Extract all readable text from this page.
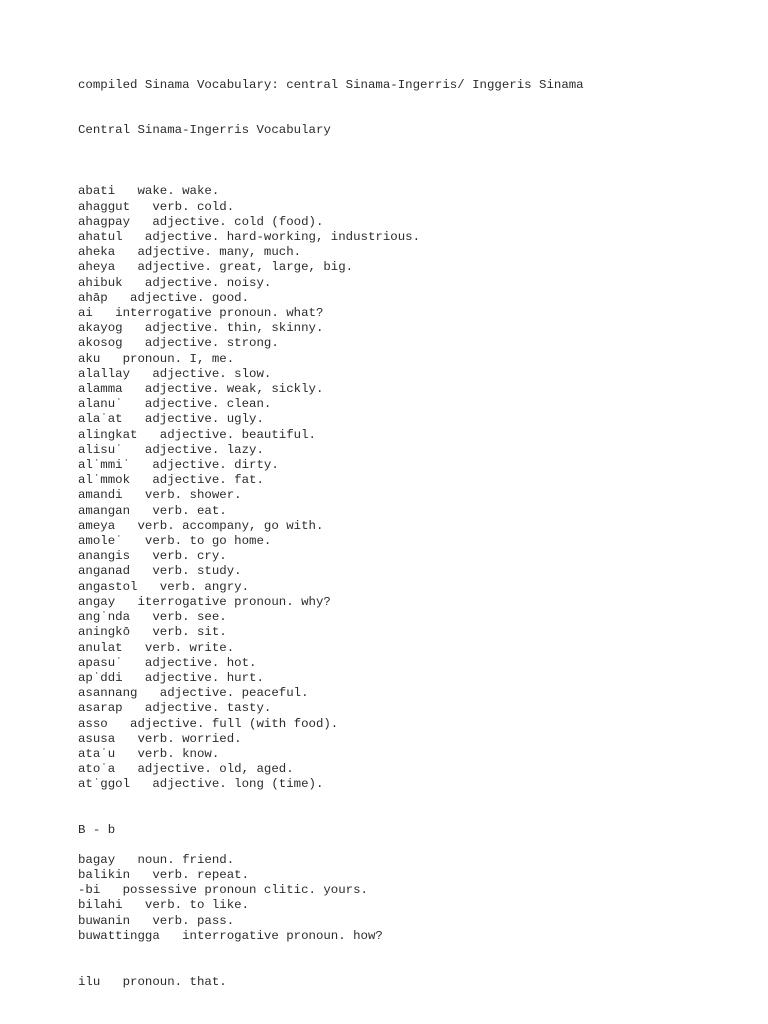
compiled Sinama Vocabulary: central Sinama-Ingerris/ Inggeris Sinama

Central Sinama-Ingerris Vocabulary

abati   wake. wake.

ahaggut   verb. cold.

ahagpay   adjective. cold (food).

ahatul   adjective. hard-working, industrious.

aheka   adjective. many, much.

aheya   adjective. great, large, big.

ahibuk   adjective. noisy.

ahāp   adjective. good.

ai   interrogative pronoun. what?

akayog   adjective. thin, skinny.

akosog   adjective. strong.

aku   pronoun. I, me.

alallay   adjective. slow.

alamma   adjective. weak, sickly.

alanu˙   adjective. clean.

ala˙at   adjective. ugly.

alingkat   adjective. beautiful.

alisu˙   adjective. lazy.

al˙mmi˙   adjective. dirty.

al˙mmok   adjective. fat.

amandi   verb. shower.

amangan   verb. eat.

ameya   verb. accompany, go with.

amole˙   verb. to go home.

anangis   verb. cry.

anganad   verb. study.

angastol   verb. angry.

angay   iterrogative pronoun. why?

ang˙nda   verb. see.

aningkō   verb. sit.

anulat   verb. write.

apasu˙   adjective. hot.

ap˙ddi   adjective. hurt.

asannang   adjective. peaceful.

asarap   adjective. tasty.

asso   adjective. full (with food).

asusa   verb. worried.

ata˙u   verb. know.

ato˙a   adjective. old, aged.

at˙ggol   adjective. long (time).

B - b

bagay   noun. friend.

balikin   verb. repeat.

-bi   possessive pronoun clitic. yours.

bilahi   verb. to like.

buwanin   verb. pass.

buwattingga   interrogative pronoun. how?

ilu   pronoun. that.
